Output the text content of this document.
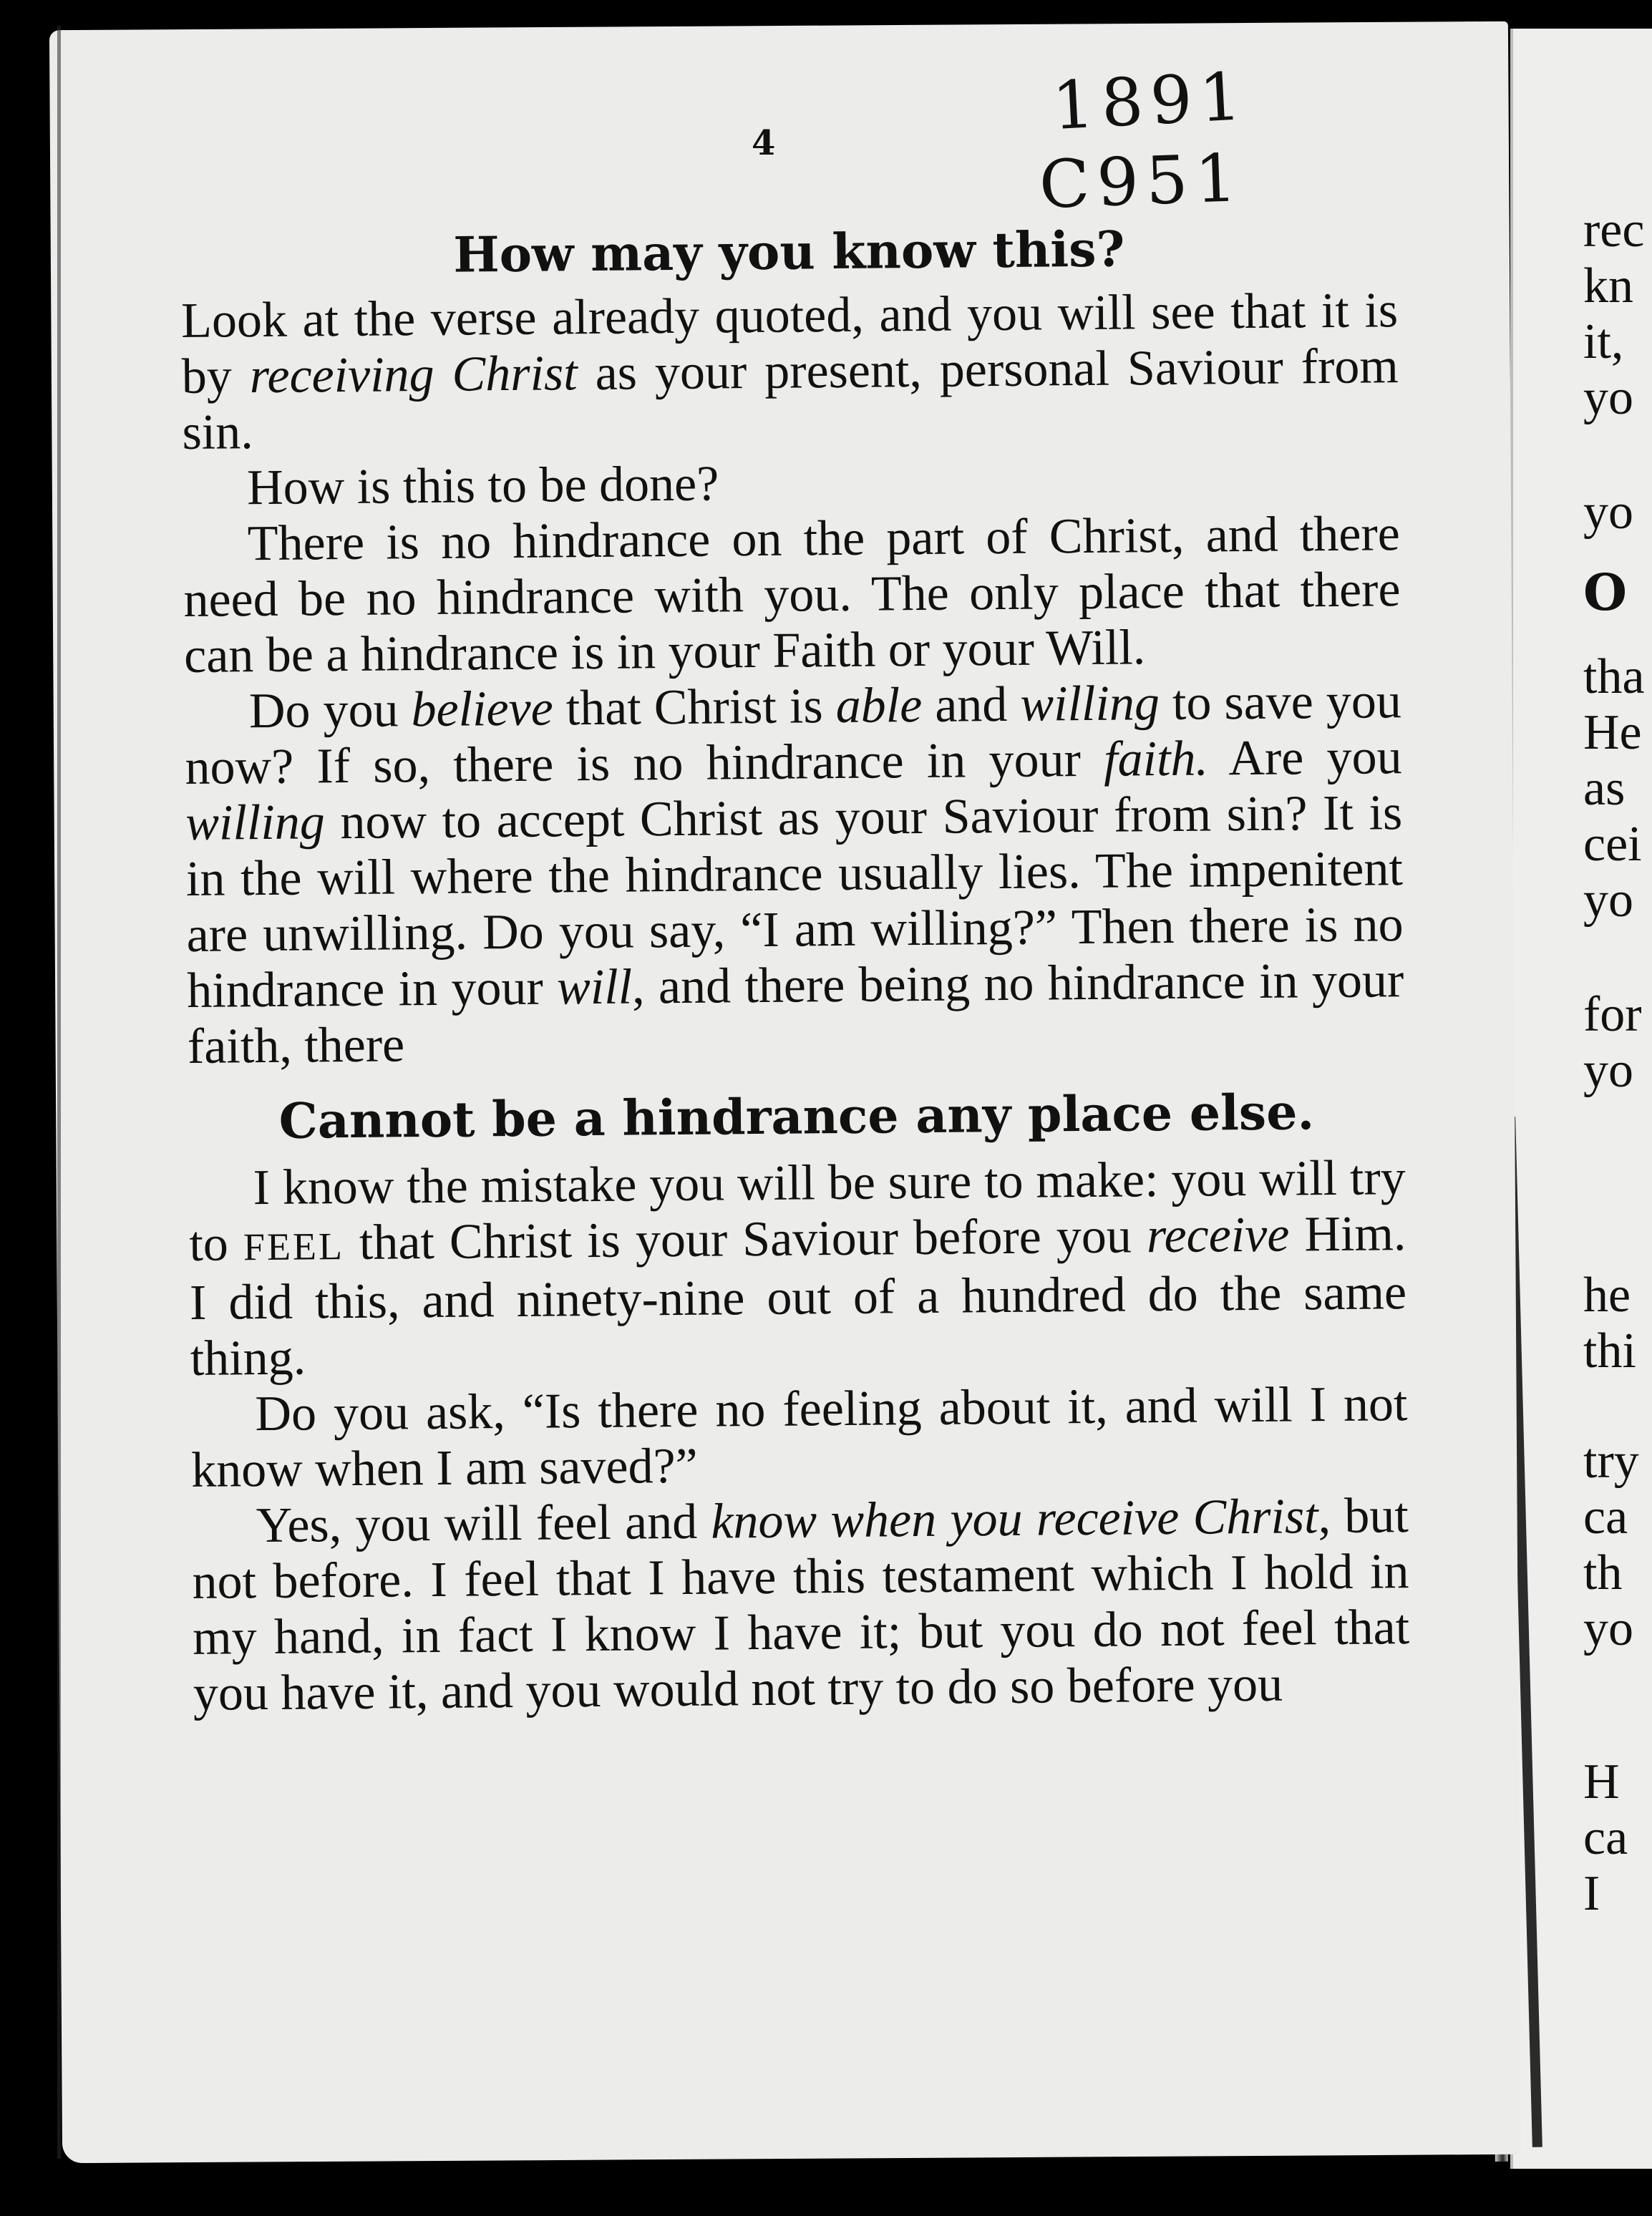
1891
C951
4
How may you know this?

Look at the verse already quoted, and you will see that it is by receiving Christ as your present, personal Saviour from sin.

How is this to be done?

There is no hindrance on the part of Christ, and there need be no hindrance with you. The only place that there can be a hindrance is in your Faith or your Will.

Do you believe that Christ is able and willing to save you now? If so, there is no hindrance in your faith. Are you willing now to accept Christ as your Saviour from sin? It is in the will where the hindrance usually lies. The impenitent are unwilling. Do you say, “I am willing?” Then there is no hindrance in your will, and there being no hindrance in your faith, there

Cannot be a hindrance any place else.

I know the mistake you will be sure to make: you will try to FEEL that Christ is your Saviour before you receive Him. I did this, and ninety-nine out of a hundred do the same thing.

Do you ask, “Is there no feeling about it, and will I not know when I am saved?”

Yes, you will feel and know when you receive Christ, but not before. I feel that I have this testament which I hold in my hand, in fact I know I have it; but you do not feel that you have it, and you would not try to do so before you

rec
kn
it,
yo
yo
O
tha
He
as
cei
yo
for
yo
he
thi
try
ca
th
yo
H
ca
I
